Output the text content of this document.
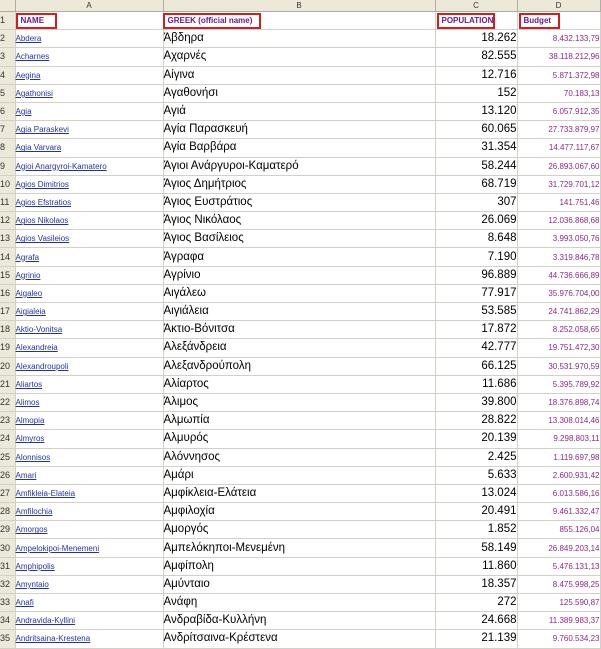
	A	B	C	D
1	NAME	GREEK (official name)	POPULATION	Budget
2	Abdera	Άβδηρα	18.262	8.432.133,79
3	Acharnes	Αχαρνές	82.555	38.118.212,96
4	Aegina	Αίγινα	12.716	5.871.372,98
5	Agathonisi	Αγαθονήσι	152	70.183,13
6	Agia	Αγιά	13.120	6.057.912,35
7	Agia Paraskevi	Αγία Παρασκευή	60.065	27.733.879,97
8	Agia Varvara	Αγία Βαρβάρα	31.354	14.477.117,67
9	Agioi Anargyroi-Kamatero	Άγιοι Ανάργυροι-Καματερό	58.244	26.893.067,60
10	Agios Dimitrios	Άγιος Δημήτριος	68.719	31.729.701,12
11	Agios Efstratios	Άγιος Ευστράτιος	307	141.751,46
12	Agios Nikolaos	Άγιος Νικόλαος	26.069	12.036.868,68
13	Agios Vasileios	Άγιος Βασίλειος	8.648	3.993.050,76
14	Agrafa	Άγραφα	7.190	3.319.846,78
15	Agrinio	Αγρίνιο	96.889	44.736.666,89
16	Aigaleo	Αιγάλεω	77.917	35.976.704,00
17	Aigialeia	Αιγιάλεια	53.585	24.741.862,29
18	Aktio-Vonitsa	Άκτιο-Βόνιτσα	17.872	8.252.058,65
19	Alexandreia	Αλεξάνδρεια	42.777	19.751.472,30
20	Alexandroupoli	Αλεξανδρούπολη	66.125	30.531.970,59
21	Aliartos	Αλίαρτος	11.686	5.395.789,92
22	Alimos	Άλιμος	39.800	18.376.898,74
23	Almopia	Αλμωπία	28.822	13.308.014,46
24	Almyros	Αλμυρός	20.139	9.298.803,11
25	Alonnisos	Αλόννησος	2.425	1.119.697,98
26	Amari	Αμάρι	5.633	2.600.931,42
27	Amfikleia-Elateia	Αμφίκλεια-Ελάτεια	13.024	6.013.586,16
28	Amfilochia	Αμφιλοχία	20.491	9.461.332,47
29	Amorgos	Αμοργός	1.852	855.126,04
30	Ampelokipoi-Menemeni	Αμπελόκηποι-Μενεμένη	58.149	26.849.203,14
31	Amphipolis	Αμφίπολη	11.860	5.476.131,13
32	Amyntaio	Αμύνταιο	18.357	8.475.998,25
33	Anafi	Ανάφη	272	125.590,87
34	Andravida-Kyllini	Ανδραβίδα-Κυλλήνη	24.668	11.389.983,37
35	Andritsaina-Krestena	Ανδρίτσαινα-Κρέστενα	21.139	9.760.534,23
